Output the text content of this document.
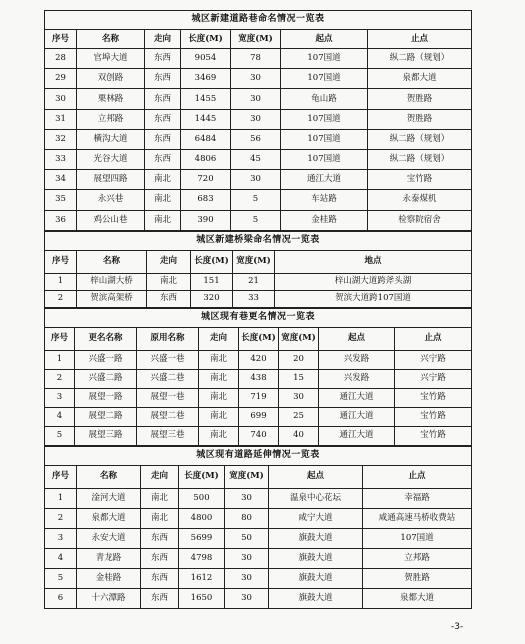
城区新建道路巷命名情况一览表						
序号	名称	走向	长度(M)	宽度(M)	起点	止点
28	官埠大道	东西	9054	78	107国道	纵二路（规划）
29	双创路	东西	3469	30	107国道	泉都大道
30	栗林路	东西	1455	30	龟山路	贺胜路
31	立邦路	东西	1445	30	107国道	贺胜路
32	横沟大道	东西	6484	56	107国道	纵二路（规划）
33	光谷大道	东西	4806	45	107国道	纵二路（规划）
34	展望四路	南北	720	30	通江大道	宝竹路
35	永兴巷	南北	683	5	车站路	永泰煤机
36	鸡公山巷	南北	390	5	金桂路	检察院宿舍
城区新建桥梁命名情况一览表					
序号	名称	走向	长度(M)	宽度(M)	地点
1	梓山湖大桥	南北	151	21	梓山湖大道跨斧头湖
2	贺滨高架桥	东西	320	33	贺滨大道跨107国道
城区现有巷更名情况一览表							
序号	更名名称	原用名称	走向	长度(M)	宽度(M)	起点	止点
1	兴盛一路	兴盛一巷	南北	420	20	兴发路	兴宁路
2	兴盛二路	兴盛二巷	南北	438	15	兴发路	兴宁路
3	展望一路	展望一巷	南北	719	30	通江大道	宝竹路
4	展望二路	展望二巷	南北	699	25	通江大道	宝竹路
5	展望三路	展望三巷	南北	740	40	通江大道	宝竹路
城区现有道路延伸情况一览表						
序号	名称	走向	长度(M)	宽度(M)	起点	止点
1	淦河大道	南北	500	30	温泉中心花坛	幸福路
2	泉都大道	南北	4800	80	咸宁大道	咸通高速马桥收费站
3	永安大道	东西	5699	50	旗鼓大道	107国道
4	青龙路	东西	4798	30	旗鼓大道	立邦路
5	金桂路	东西	1612	30	旗鼓大道	贺胜路
6	十六潭路	东西	1650	30	旗鼓大道	泉都大道
-3-
